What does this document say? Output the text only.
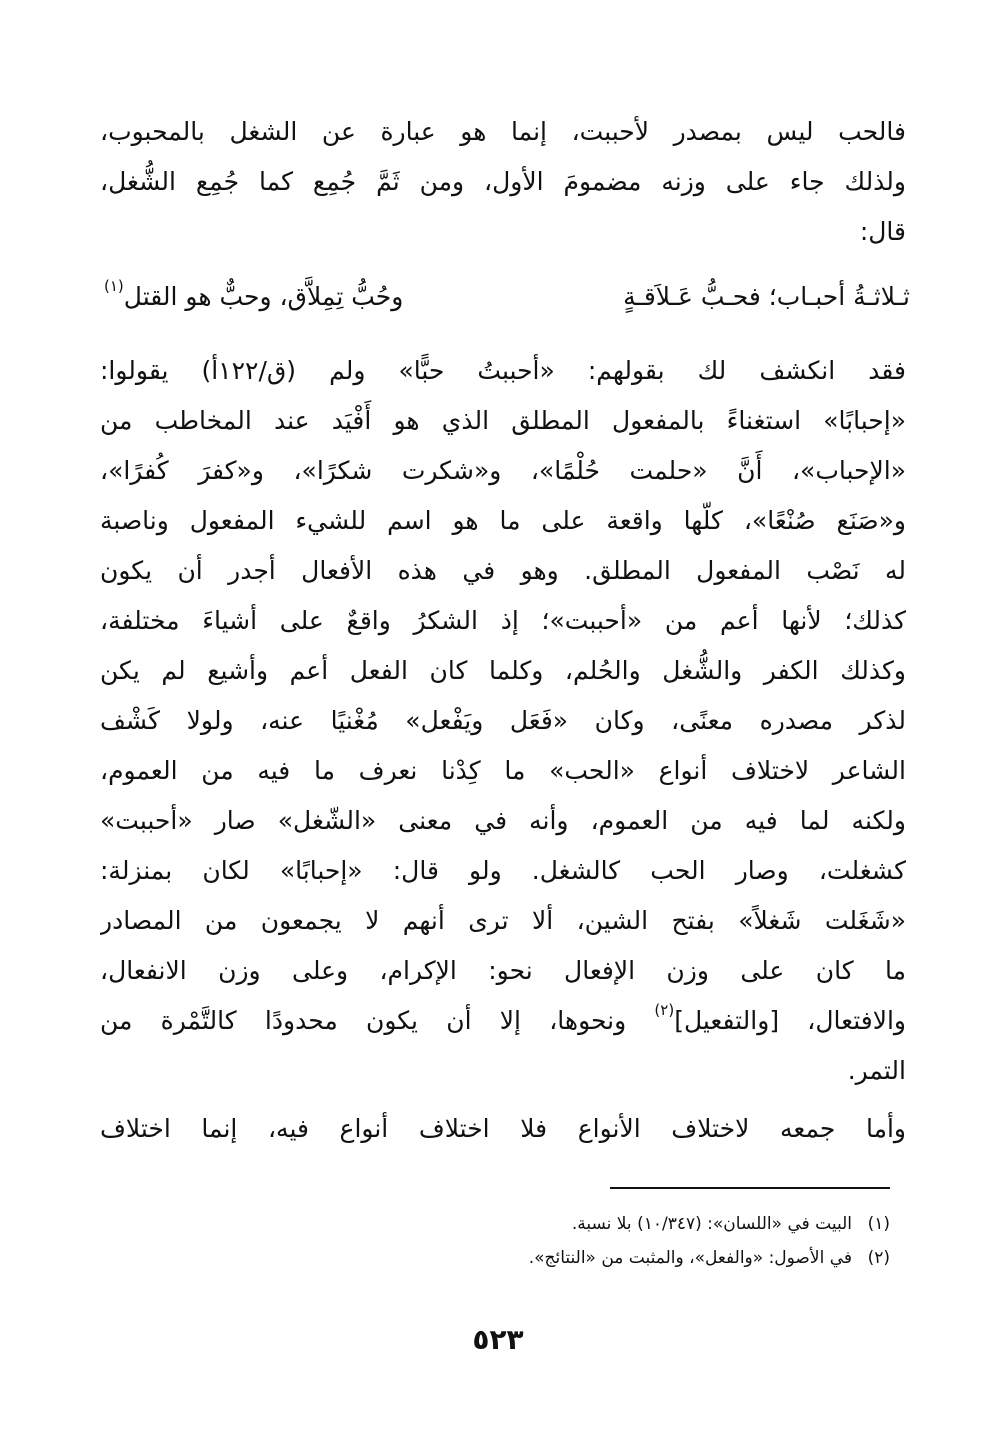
فالحب ليس بمصدر لأحببت، إنما هو عبارة عن الشغل بالمحبوب،
ولذلك جاء على وزنه مضمومَ الأول، ومن ثَمَّ جُمِع كما جُمِع الشُّغل،
قال:
ثـلاثـةُ أحبـاب؛ فحـبُّ عَـلاَقـةٍ
وحُبُّ تِمِلاَّق، وحبٌّ هو القتل$^{(١)}$
فقد انكشف لك بقولهم: «أحببتُ حبًّا» ولم (ق/١٢٢أ) يقولوا:
«إحبابًا» استغناءً بالمفعول المطلق الذي هو أَفْيَد عند المخاطب من
«الإحباب»، أَنَّ «حلمت حُلْمًا»، و«شكرت شكرًا»، و«كفرَ كُفرًا»،
و«صَنَع صُنْعًا»، كلّها واقعة على ما هو اسم للشيء المفعول وناصبة
له نَصْب المفعول المطلق. وهو في هذه الأفعال أجدر أن يكون
كذلك؛ لأنها أعم من «أحببت»؛ إذ الشكرُ واقعٌ على أشياءَ مختلفة،
وكذلك الكفر والشُّغل والحُلم، وكلما كان الفعل أعم وأشيع لم يكن
لذكر مصدره معنًى، وكان «فَعَل ويَفْعل» مُغْنيًا عنه، ولولا كَشْف
الشاعر لاختلاف أنواع «الحب» ما كِدْنا نعرف ما فيه من العموم،
ولكنه لما فيه من العموم، وأنه في معنى «الشّغل» صار «أحببت»
كشغلت، وصار الحب كالشغل. ولو قال: «إحبابًا» لكان بمنزلة:
«شَغَلت شَغلاً» بفتح الشين، ألا ترى أنهم لا يجمعون من المصادر
ما كان على وزن الإفعال نحو: الإكرام، وعلى وزن الانفعال،
والافتعال، [والتفعيل]$^{(٢)}$ ونحوها، إلا أن يكون محدودًا كالتَّمْرة من
التمر.
وأما جمعه لاختلاف الأنواع فلا اختلاف أنواع فيه، إنما اختلاف
(١)البيت في «اللسان»: (١٠/٣٤٧) بلا نسبة.
(٢)في الأصول: «والفعل»، والمثبت من «النتائج».
٥٢٣
